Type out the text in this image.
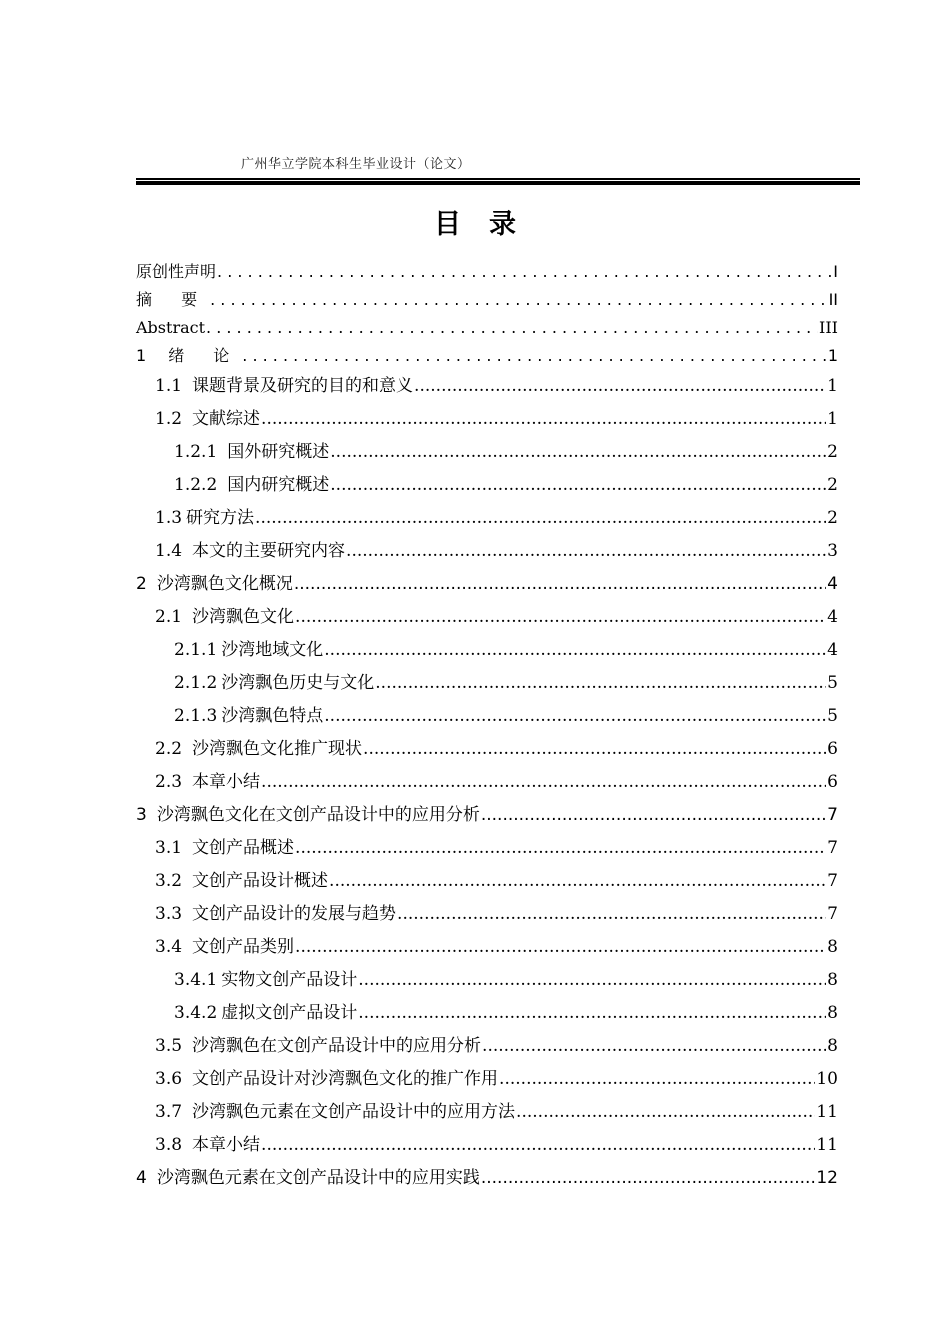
广州华立学院本科生毕业设计（论文）
目录
原创性声明 . . .	I
摘 要 . . .	II
Abstract . . .	III
1 绪 论 . . .	1
1.1 课题背景及研究的目的和意义 .....	1
1.2 文献综述 .....	1
1.2.1 国外研究概述 .....	2
1.2.2 国内研究概述 .....	2
1.3 研究方法 .....	2
1.4 本文的主要研究内容 .....	3
2 沙湾飘色文化概况 .....	4
2.1 沙湾飘色文化 .....	4
2.1.1 沙湾地域文化 .....	4
2.1.2 沙湾飘色历史与文化 .....	5
2.1.3 沙湾飘色特点 .....	5
2.2 沙湾飘色文化推广现状 .....	6
2.3 本章小结 .....	6
3 沙湾飘色文化在文创产品设计中的应用分析 .....	7
3.1 文创产品概述 .....	7
3.2 文创产品设计概述 .....	7
3.3 文创产品设计的发展与趋势 .....	7
3.4 文创产品类别 .....	8
3.4.1 实物文创产品设计 .....	8
3.4.2 虚拟文创产品设计 .....	8
3.5 沙湾飘色在文创产品设计中的应用分析 .....	8
3.6 文创产品设计对沙湾飘色文化的推广作用 .....	10
3.7 沙湾飘色元素在文创产品设计中的应用方法 .....	11
3.8 本章小结 .....	11
4 沙湾飘色元素在文创产品设计中的应用实践 .....	12
